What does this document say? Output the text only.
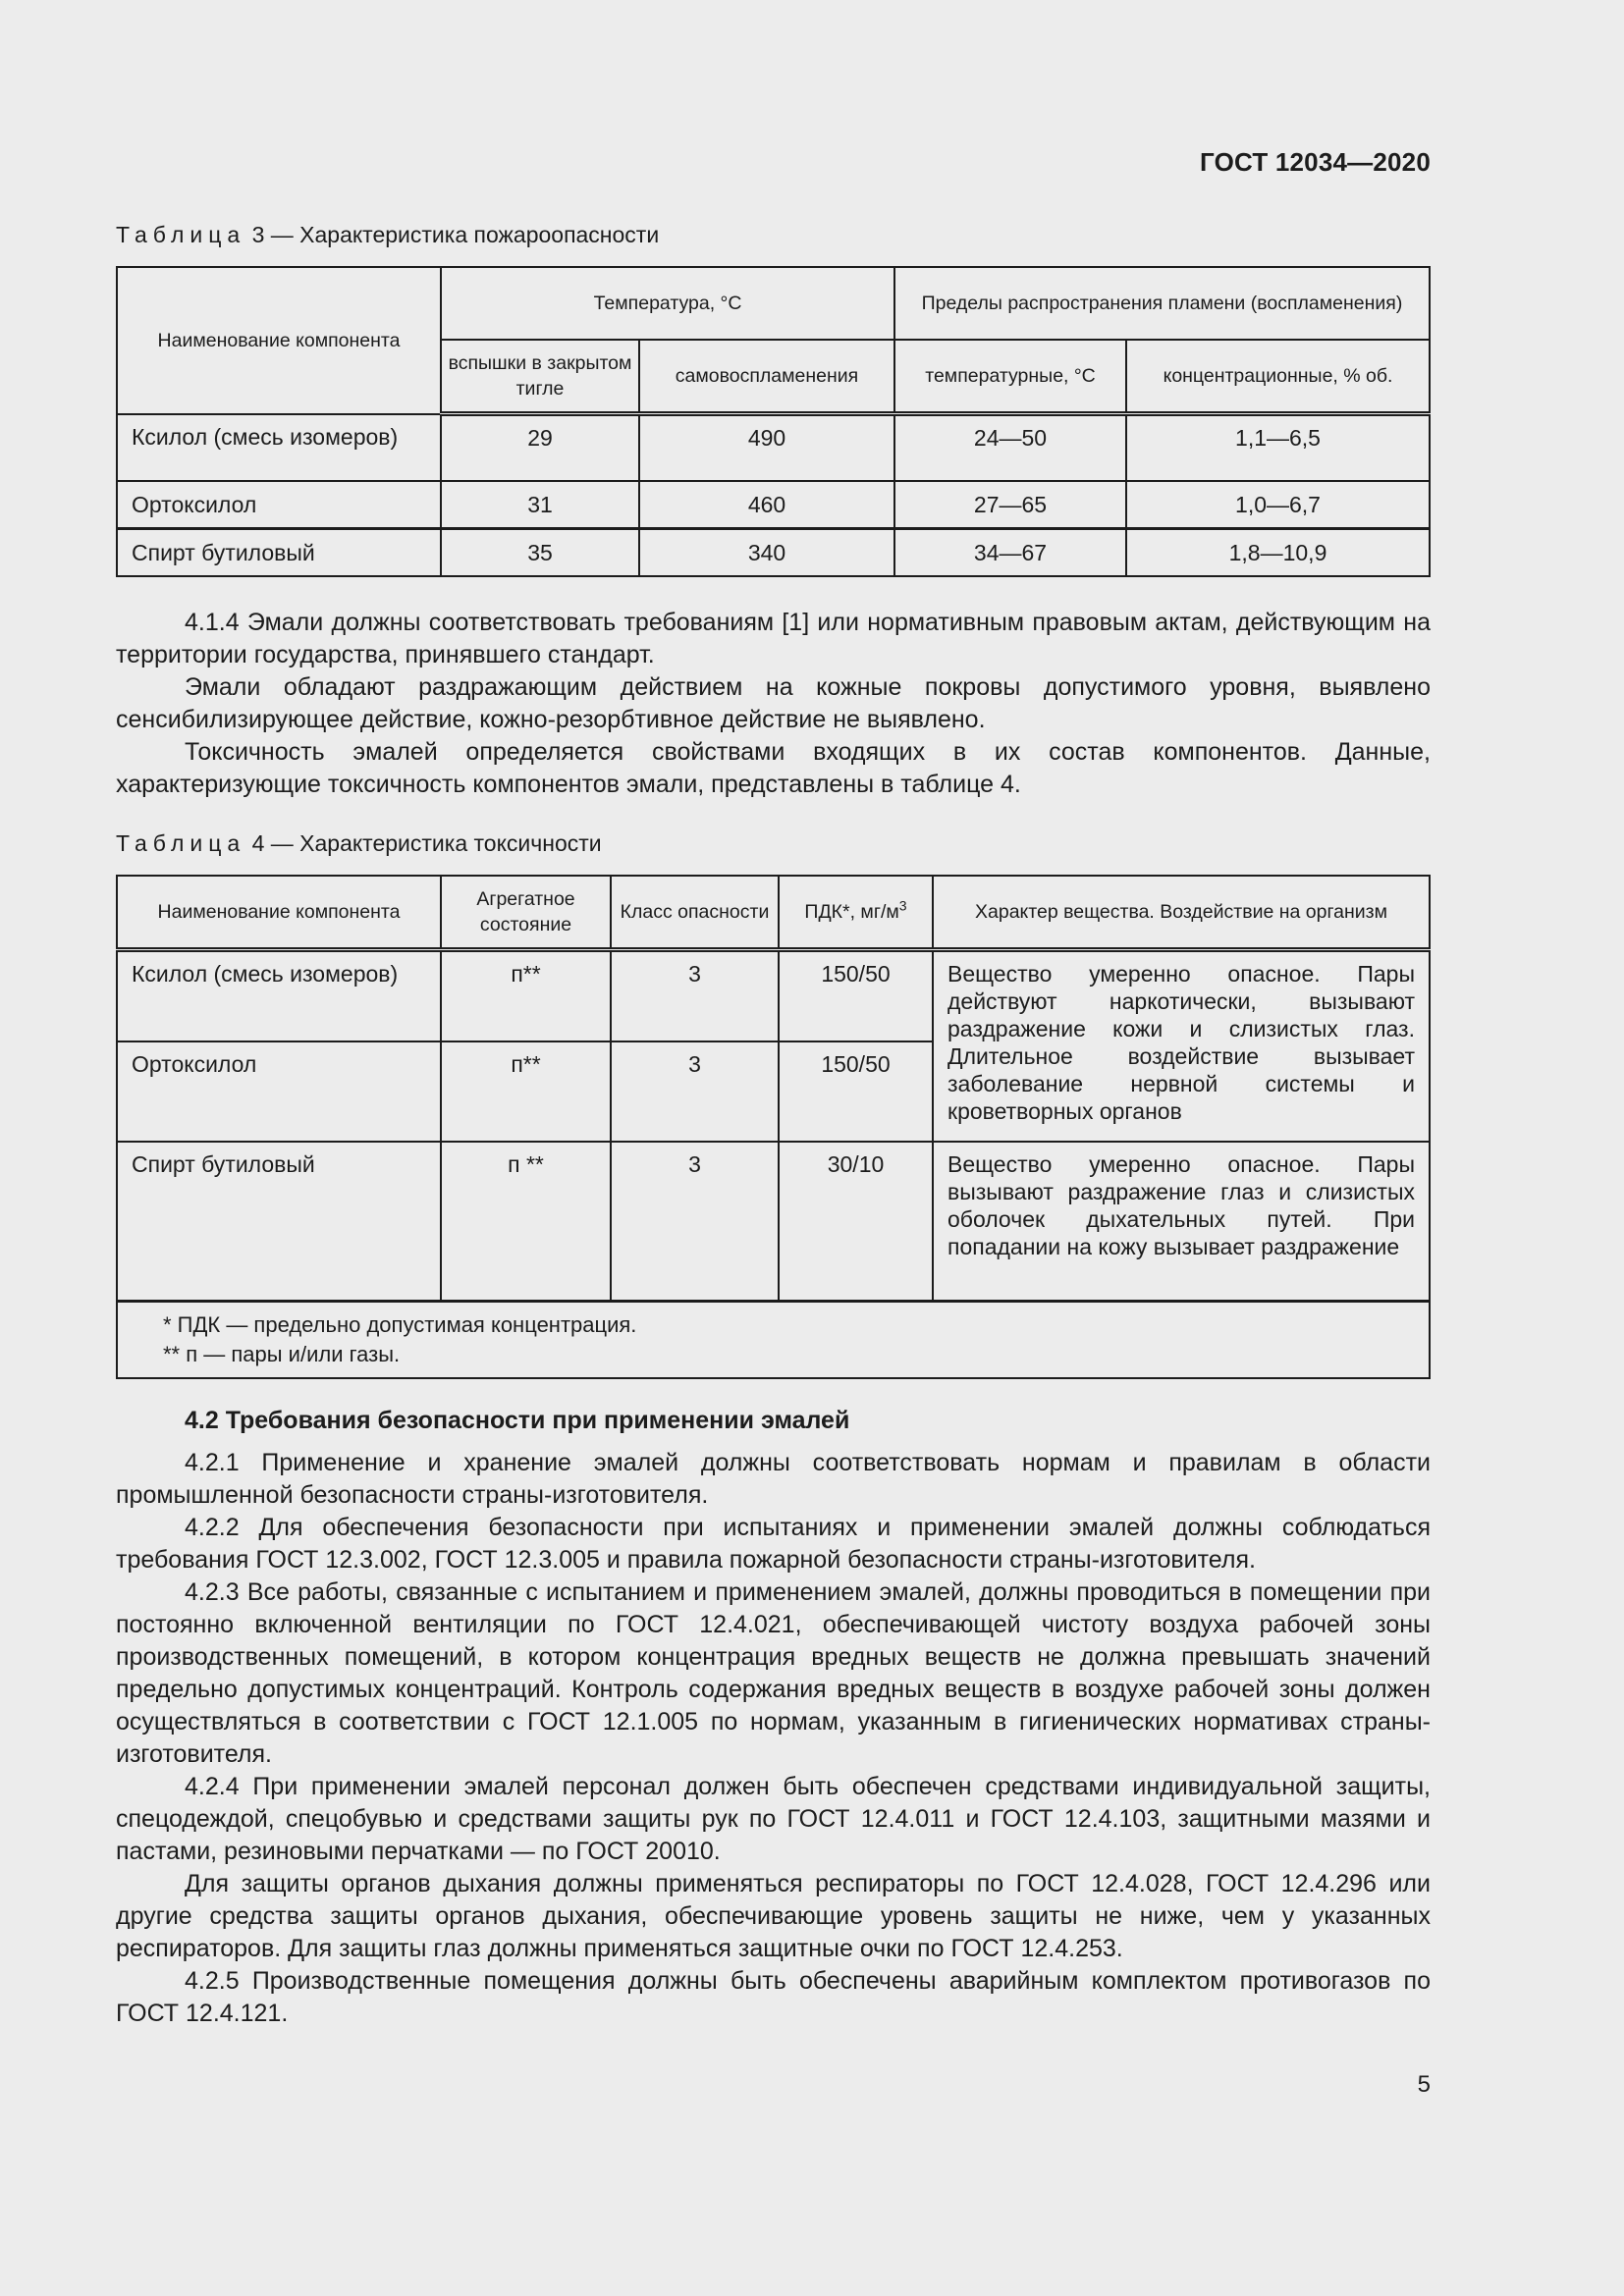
ГОСТ 12034—2020

Таблица 3 — Характеристика пожароопасности

Наименование компонента	Температура, °С		Пределы распространения пламени (воспламенения)	
	вспышки в закрытом тигле	самовоспламенения	температурные, °С	концентрационные, % об.
Ксилол (смесь изомеров)	29	490	24—50	1,1—6,5
Ортоксилол	31	460	27—65	1,0—6,7
Спирт бутиловый	35	340	34—67	1,8—10,9

4.1.4 Эмали должны соответствовать требованиям [1] или нормативным правовым актам, действующим на территории государства, принявшего стандарт.

Эмали обладают раздражающим действием на кожные покровы допустимого уровня, выявлено сенсибилизирующее действие, кожно-резорбтивное действие не выявлено.

Токсичность эмалей определяется свойствами входящих в их состав компонентов. Данные, характеризующие токсичность компонентов эмали, представлены в таблице 4.

Таблица 4 — Характеристика токсичности

Наименование компонента	Агрегатное состояние	Класс опасности	ПДК*, $мг/м^3$	Характер вещества. Воздействие на организм
Ксилол (смесь изомеров)	п**	3	150/50	Вещество умеренно опасное. Пары действуют наркотически, вызывают раздражение кожи и слизистых глаз. Длительное воздействие вызывает заболевание нервной системы и кроветворных органов
Ортоксилол	п**	3	150/50	
Спирт бутиловый	п **	3	30/10	Вещество умеренно опасное. Пары вызывают раздражение глаз и слизистых оболочек дыхательных путей. При попадании на кожу вызывает раздражение

* ПДК — предельно допустимая концентрация.
** п — пары и/или газы.				
4.2 Требования безопасности при применении эмалей

4.2.1 Применение и хранение эмалей должны соответствовать нормам и правилам в области промышленной безопасности страны-изготовителя.

4.2.2 Для обеспечения безопасности при испытаниях и применении эмалей должны соблюдаться требования ГОСТ 12.3.002, ГОСТ 12.3.005 и правила пожарной безопасности страны-изготовителя.

4.2.3 Все работы, связанные с испытанием и применением эмалей, должны проводиться в помещении при постоянно включенной вентиляции по ГОСТ 12.4.021, обеспечивающей чистоту воздуха рабочей зоны производственных помещений, в котором концентрация вредных веществ не должна превышать значений предельно допустимых концентраций. Контроль содержания вредных веществ в воздухе рабочей зоны должен осуществляться в соответствии с ГОСТ 12.1.005 по нормам, указанным в гигиенических нормативах страны-изготовителя.

4.2.4 При применении эмалей персонал должен быть обеспечен средствами индивидуальной защиты, спецодеждой, спецобувью и средствами защиты рук по ГОСТ 12.4.011 и ГОСТ 12.4.103, защитными мазями и пастами, резиновыми перчатками — по ГОСТ 20010.

Для защиты органов дыхания должны применяться респираторы по ГОСТ 12.4.028, ГОСТ 12.4.296 или другие средства защиты органов дыхания, обеспечивающие уровень защиты не ниже, чем у указанных респираторов. Для защиты глаз должны применяться защитные очки по ГОСТ 12.4.253.

4.2.5 Производственные помещения должны быть обеспечены аварийным комплектом противогазов по ГОСТ 12.4.121.

5
